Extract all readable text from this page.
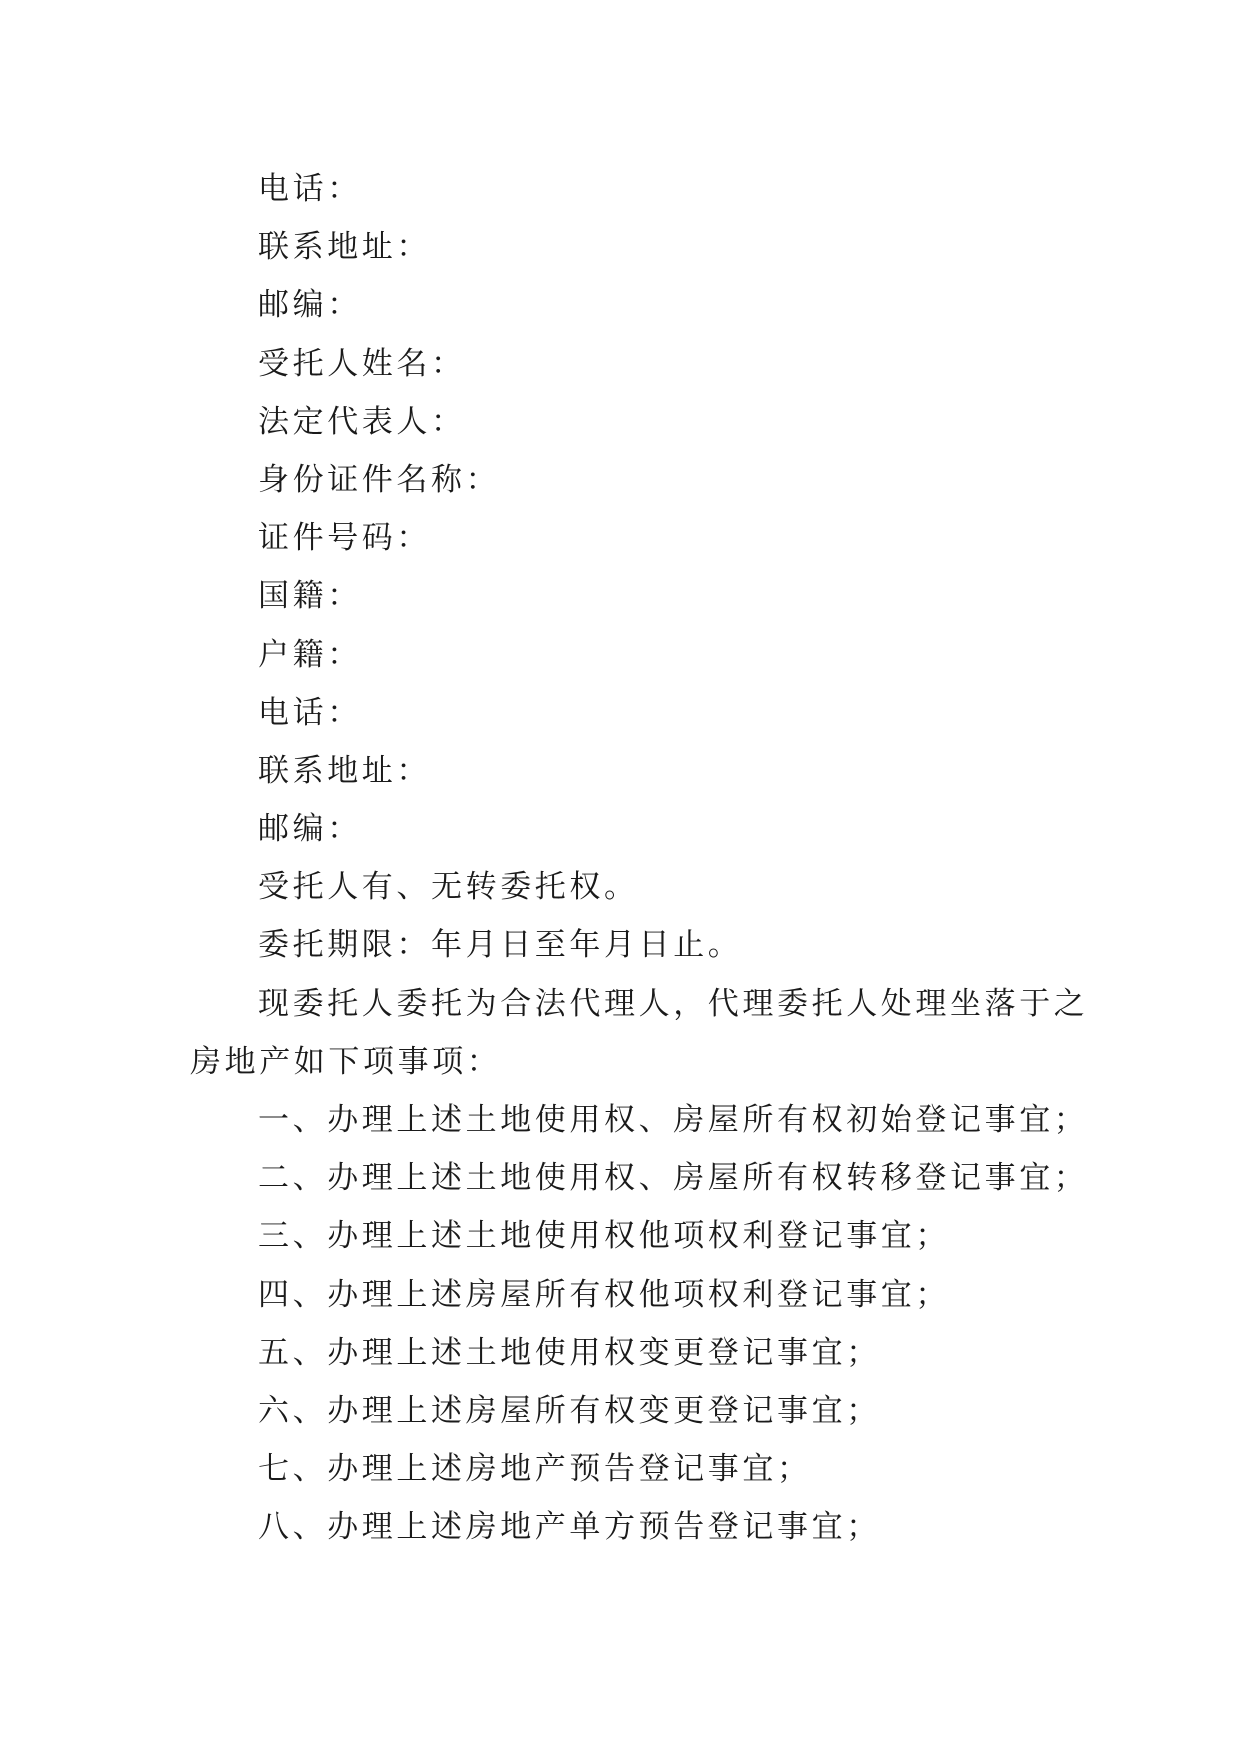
电话：
联系地址：
邮编：
受托人姓名：
法定代表人：
身份证件名称：
证件号码：
国籍：
户籍：
电话：
联系地址：
邮编：
受托人有、无转委托权。
委托期限：年月日至年月日止。
现委托人委托为合法代理人，代理委托人处理坐落于之
房地产如下项事项：
一、办理上述土地使用权、房屋所有权初始登记事宜；
二、办理上述土地使用权、房屋所有权转移登记事宜；
三、办理上述土地使用权他项权利登记事宜；
四、办理上述房屋所有权他项权利登记事宜；
五、办理上述土地使用权变更登记事宜；
六、办理上述房屋所有权变更登记事宜；
七、办理上述房地产预告登记事宜；
八、办理上述房地产单方预告登记事宜；
